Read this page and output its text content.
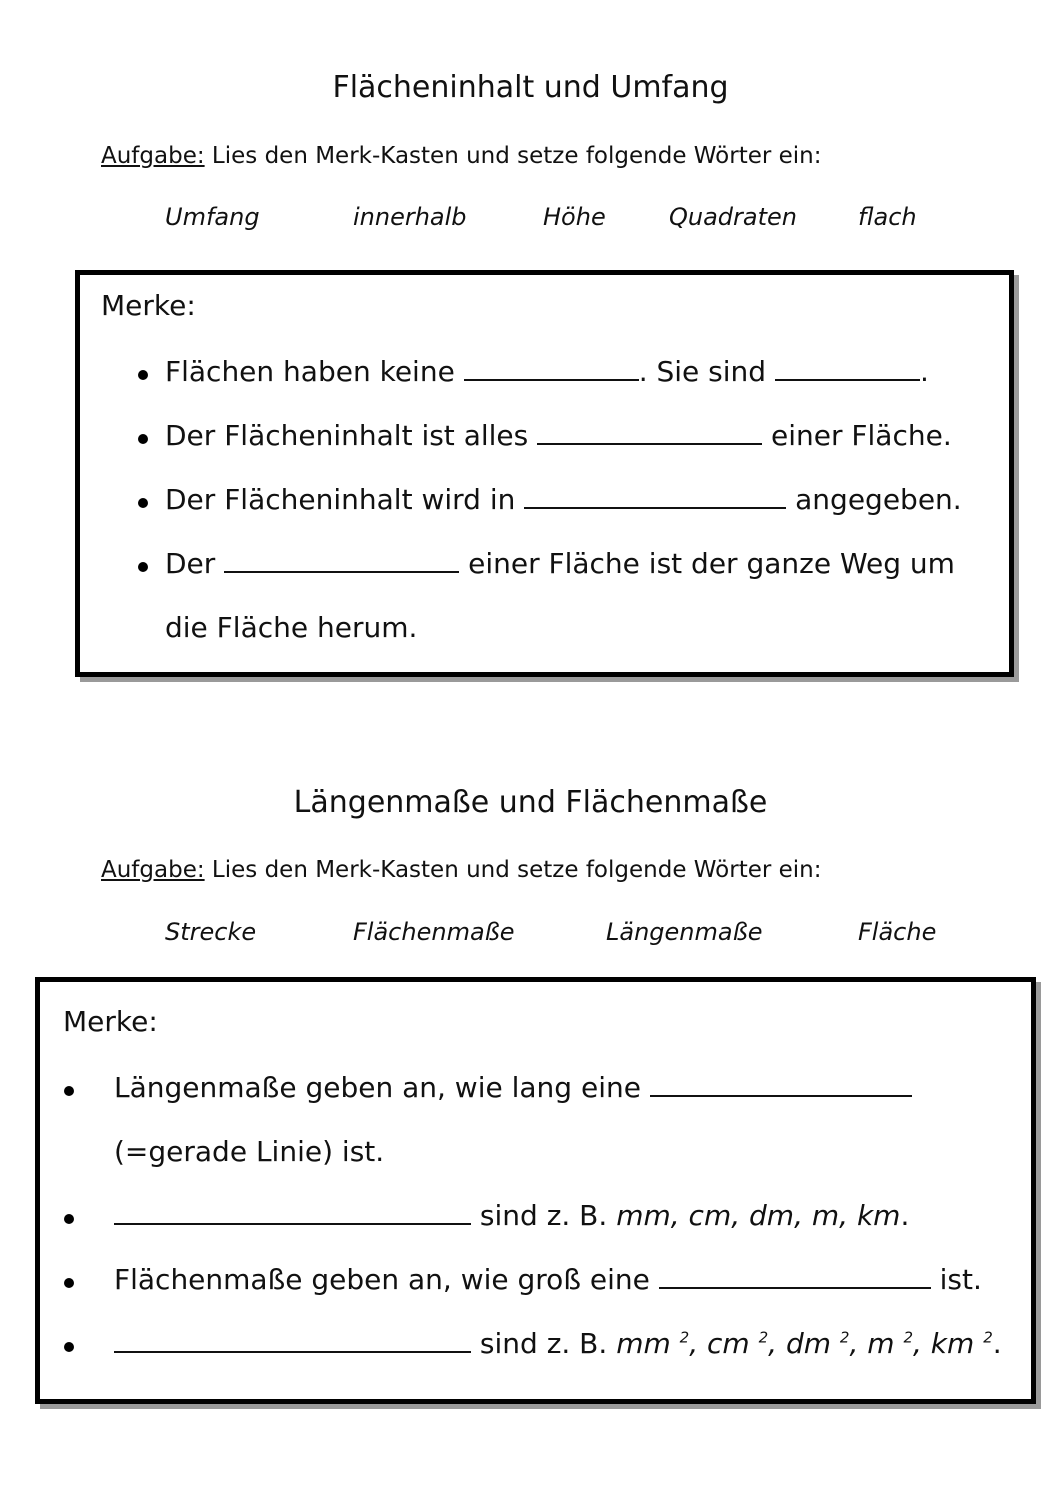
Flächeninhalt und Umfang
Aufgabe: Lies den Merk-Kasten und setze folgende Wörter ein:
Umfang	innerhalb	Höhe	Quadraten	flach
Merke:
Flächen haben keine	. Sie sind	.
Der Flächeninhalt ist alles	einer Fläche.
Der Flächeninhalt wird in	angegeben.
Der	einer Fläche ist der ganze Weg um
die Fläche herum.
Längenmaße und Flächenmaße
Aufgabe: Lies den Merk-Kasten und setze folgende Wörter ein:
Strecke	Flächenmaße	Längenmaße	Fläche
Merke:
Längenmaße geben an, wie lang eine
(=gerade Linie) ist.
sind z. B. mm, cm, dm, m, km.
Flächenmaße geben an, wie groß eine	ist.
sind z. B. mm $^2$, cm $^2$, dm $^2$, m $^2$, km $^2$.
